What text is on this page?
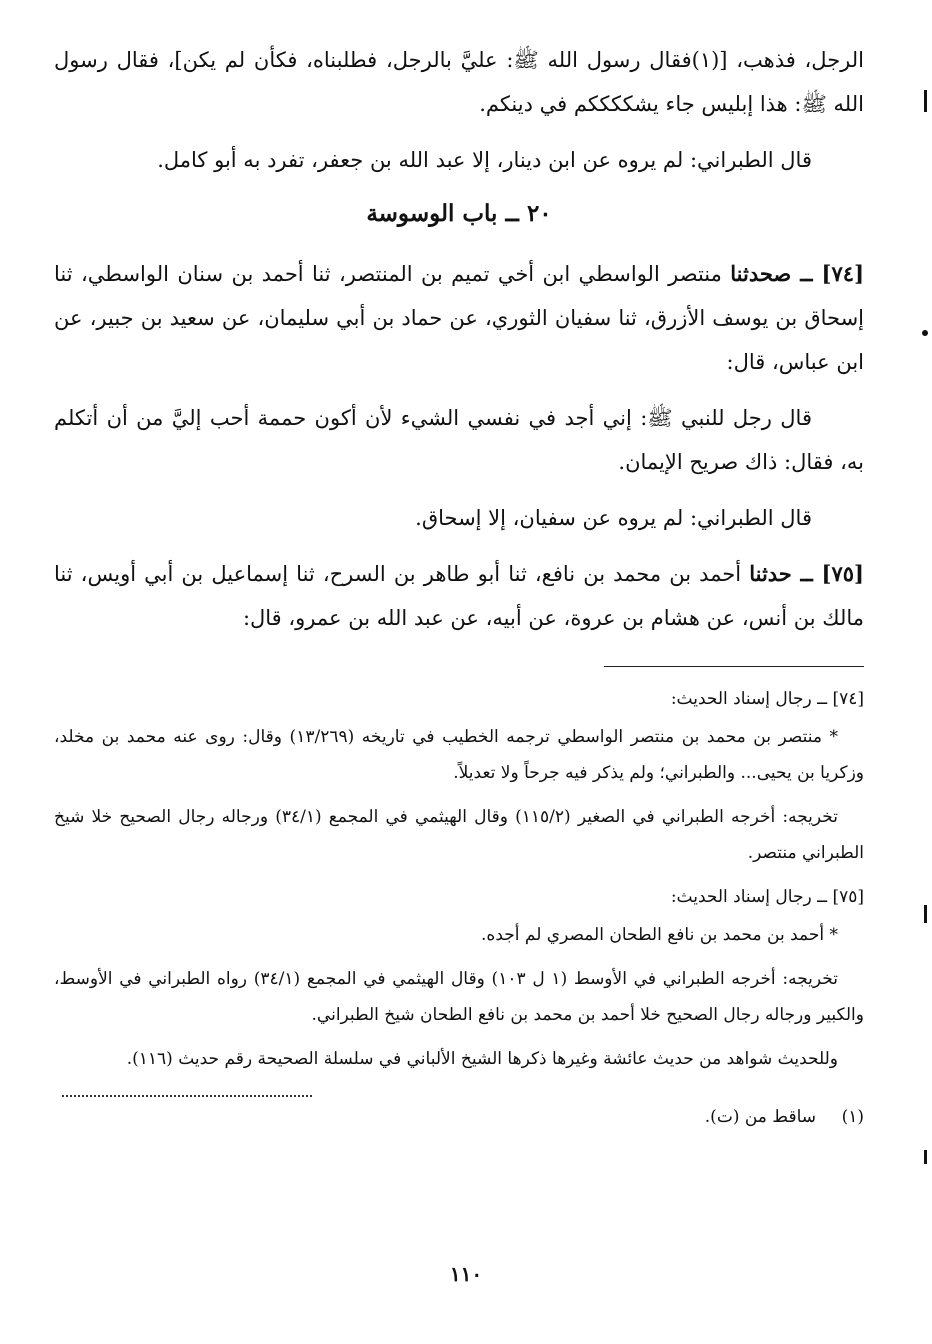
الرجل، فذهب، [(١)فقال رسول الله ﷺ: عليَّ بالرجل، فطلبناه، فكأن لم يكن]، فقال رسول الله ﷺ: هذا إبليس جاء يشككككم في دينكم.

قال الطبراني: لم يروه عن ابن دينار، إلا عبد الله بن جعفر، تفرد به أبو كامل.

٢٠ ــ باب الوسوسة

[٧٤] ــ صحدثنا منتصر الواسطي ابن أخي تميم بن المنتصر، ثنا أحمد بن سنان الواسطي، ثنا إسحاق بن يوسف الأزرق، ثنا سفيان الثوري، عن حماد بن أبي سليمان، عن سعيد بن جبير، عن ابن عباس، قال:

قال رجل للنبي ﷺ: إني أجد في نفسي الشيء لأن أكون حممة أحب إليَّ من أن أتكلم به، فقال: ذاك صريح الإيمان.

قال الطبراني: لم يروه عن سفيان، إلا إسحاق.

[٧٥] ــ حدثنا أحمد بن محمد بن نافع، ثنا أبو طاهر بن السرح، ثنا إسماعيل بن أبي أويس، ثنا مالك بن أنس، عن هشام بن عروة، عن أبيه، عن عبد الله بن عمرو، قال:

[٧٤] ــ رجال إسناد الحديث:
* منتصر بن محمد بن منتصر الواسطي ترجمه الخطيب في تاريخه (١٣/٢٦٩) وقال: روى عنه محمد بن مخلد، وزكريا بن يحيى... والطبراني؛ ولم يذكر فيه جرحاً ولا تعديلاً.
تخريجه: أخرجه الطبراني في الصغير (١١٥/٢) وقال الهيثمي في المجمع (٣٤/١) ورجاله رجال الصحيح خلا شيخ الطبراني منتصر.
[٧٥] ــ رجال إسناد الحديث:
* أحمد بن محمد بن نافع الطحان المصري لم أجده.
تخريجه: أخرجه الطبراني في الأوسط (١ ل ١٠٣) وقال الهيثمي في المجمع (٣٤/١) رواه الطبراني في الأوسط، والكبير ورجاله رجال الصحيح خلا أحمد بن محمد بن نافع الطحان شيخ الطبراني.
وللحديث شواهد من حديث عائشة وغيرها ذكرها الشيخ الألباني في سلسلة الصحيحة رقم حديث (١١٦).
(١)ساقط من (ت).
١١٠
